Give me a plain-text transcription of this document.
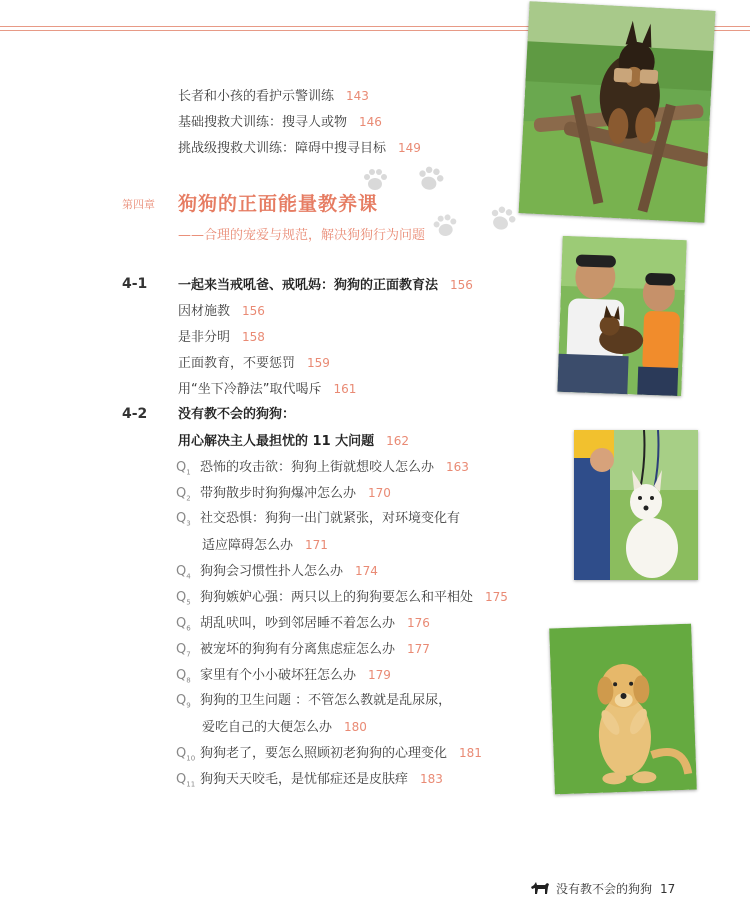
长者和小孩的看护示警训练 143
基础搜救犬训练：搜寻人或物 146
挑战级搜救犬训练：障碍中搜寻目标 149
第四章 狗狗的正面能量教养课
——合理的宠爱与规范，解决狗狗行为问题
4-1 一起来当戒吼爸、戒吼妈：狗狗的正面教育法 156
因材施教 156
是非分明 158
正面教育，不要惩罚 159
用“坐下冷静法”取代喝斥 161
4-2 没有教不会的狗狗：
用心解决主人最担忧的 11 大问题 162
$Q_1$ 恐怖的攻击欲：狗狗上街就想咬人怎么办 163
$Q_2$ 带狗散步时狗狗爆冲怎么办 170
$Q_3$ 社交恐惧：狗狗一出门就紧张，对环境变化有
适应障碍怎么办 171
$Q_4$ 狗狗会习惯性扑人怎么办 174
$Q_5$ 狗狗嫉妒心强：两只以上的狗狗要怎么和平相处 175
$Q_6$ 胡乱吠叫，吵到邻居睡不着怎么办 176
$Q_7$ 被宠坏的狗狗有分离焦虑症怎么办 177
$Q_8$ 家里有个小小破坏狂怎么办 179
$Q_9$ 狗狗的卫生问题 ：不管怎么教就是乱尿尿，
爱吃自己的大便怎么办 180
$Q_{10}$ 狗狗老了，要怎么照顾初老狗狗的心理变化 181
$Q_{11}$ 狗狗天天咬毛，是忧郁症还是皮肤痒 183
没有教不会的狗狗 17
